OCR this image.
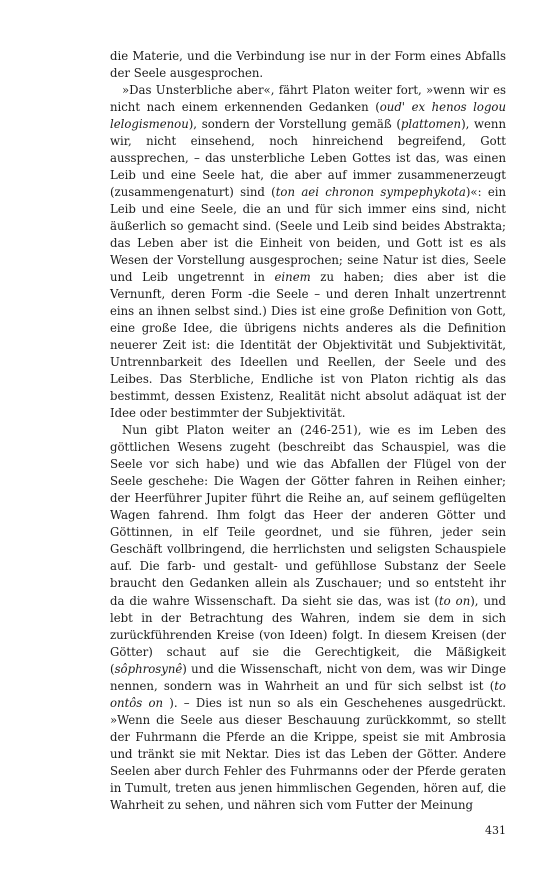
die Materie, und die Verbindung ise nur in der Form eines Abfalls der Seele ausgesprochen.

»Das Unsterbliche aber«, fährt Platon weiter fort, »wenn wir es nicht nach einem erkennenden Gedanken (oud' ex henos logou lelogismenou), sondern der Vorstellung gemäß (plattomen), wenn wir, nicht einsehend, noch hinreichend begreifend, Gott aussprechen, – das unsterbliche Leben Gottes ist das, was einen Leib und eine Seele hat, die aber auf immer zusammenerzeugt (zusammengenaturt) sind (ton aei chronon sympephykota)«: ein Leib und eine Seele, die an und für sich immer eins sind, nicht äußerlich so gemacht sind. (Seele und Leib sind beides Abstrakta; das Leben aber ist die Einheit von beiden, und Gott ist es als Wesen der Vorstellung ausgesprochen; seine Natur ist dies, Seele und Leib ungetrennt in einem zu haben; dies aber ist die Vernunft, deren Form -die Seele – und deren Inhalt unzertrennt eins an ihnen selbst sind.) Dies ist eine große Definition von Gott, eine große Idee, die übrigens nichts anderes als die Definition neuerer Zeit ist: die Identität der Objektivität und Subjektivität, Untrennbarkeit des Ideellen und Reellen, der Seele und des Leibes. Das Sterbliche, Endliche ist von Platon richtig als das bestimmt, dessen Existenz, Realität nicht absolut adäquat ist der Idee oder bestimmter der Subjektivität.

Nun gibt Platon weiter an (246-251), wie es im Leben des göttlichen Wesens zugeht (beschreibt das Schauspiel, was die Seele vor sich habe) und wie das Abfallen der Flügel von der Seele geschehe: Die Wagen der Götter fahren in Reihen einher; der Heerführer Jupiter führt die Reihe an, auf seinem geflügelten Wagen fahrend. Ihm folgt das Heer der anderen Götter und Göttinnen, in elf Teile geordnet, und sie führen, jeder sein Geschäft vollbringend, die herrlichsten und seligsten Schauspiele auf. Die farb- und gestalt- und gefühllose Substanz der Seele braucht den Gedanken allein als Zuschauer; und so entsteht ihr da die wahre Wissenschaft. Da sieht sie das, was ist (to on), und lebt in der Betrachtung des Wahren, indem sie dem in sich zurückführenden Kreise (von Ideen) folgt. In diesem Kreisen (der Götter) schaut auf sie die Gerechtigkeit, die Mäßigkeit (sôphrosynê) und die Wissenschaft, nicht von dem, was wir Dinge nennen, sondern was in Wahrheit an und für sich selbst ist (to ontôs on ). – Dies ist nun so als ein Geschehenes ausgedrückt. »Wenn die Seele aus dieser Beschauung zurückkommt, so stellt der Fuhrmann die Pferde an die Krippe, speist sie mit Ambrosia und tränkt sie mit Nektar. Dies ist das Leben der Götter. Andere Seelen aber durch Fehler des Fuhrmanns oder der Pferde geraten in Tumult, treten aus jenen himmlischen Gegenden, hören auf, die Wahrheit zu sehen, und nähren sich vom Futter der Meinung

431
